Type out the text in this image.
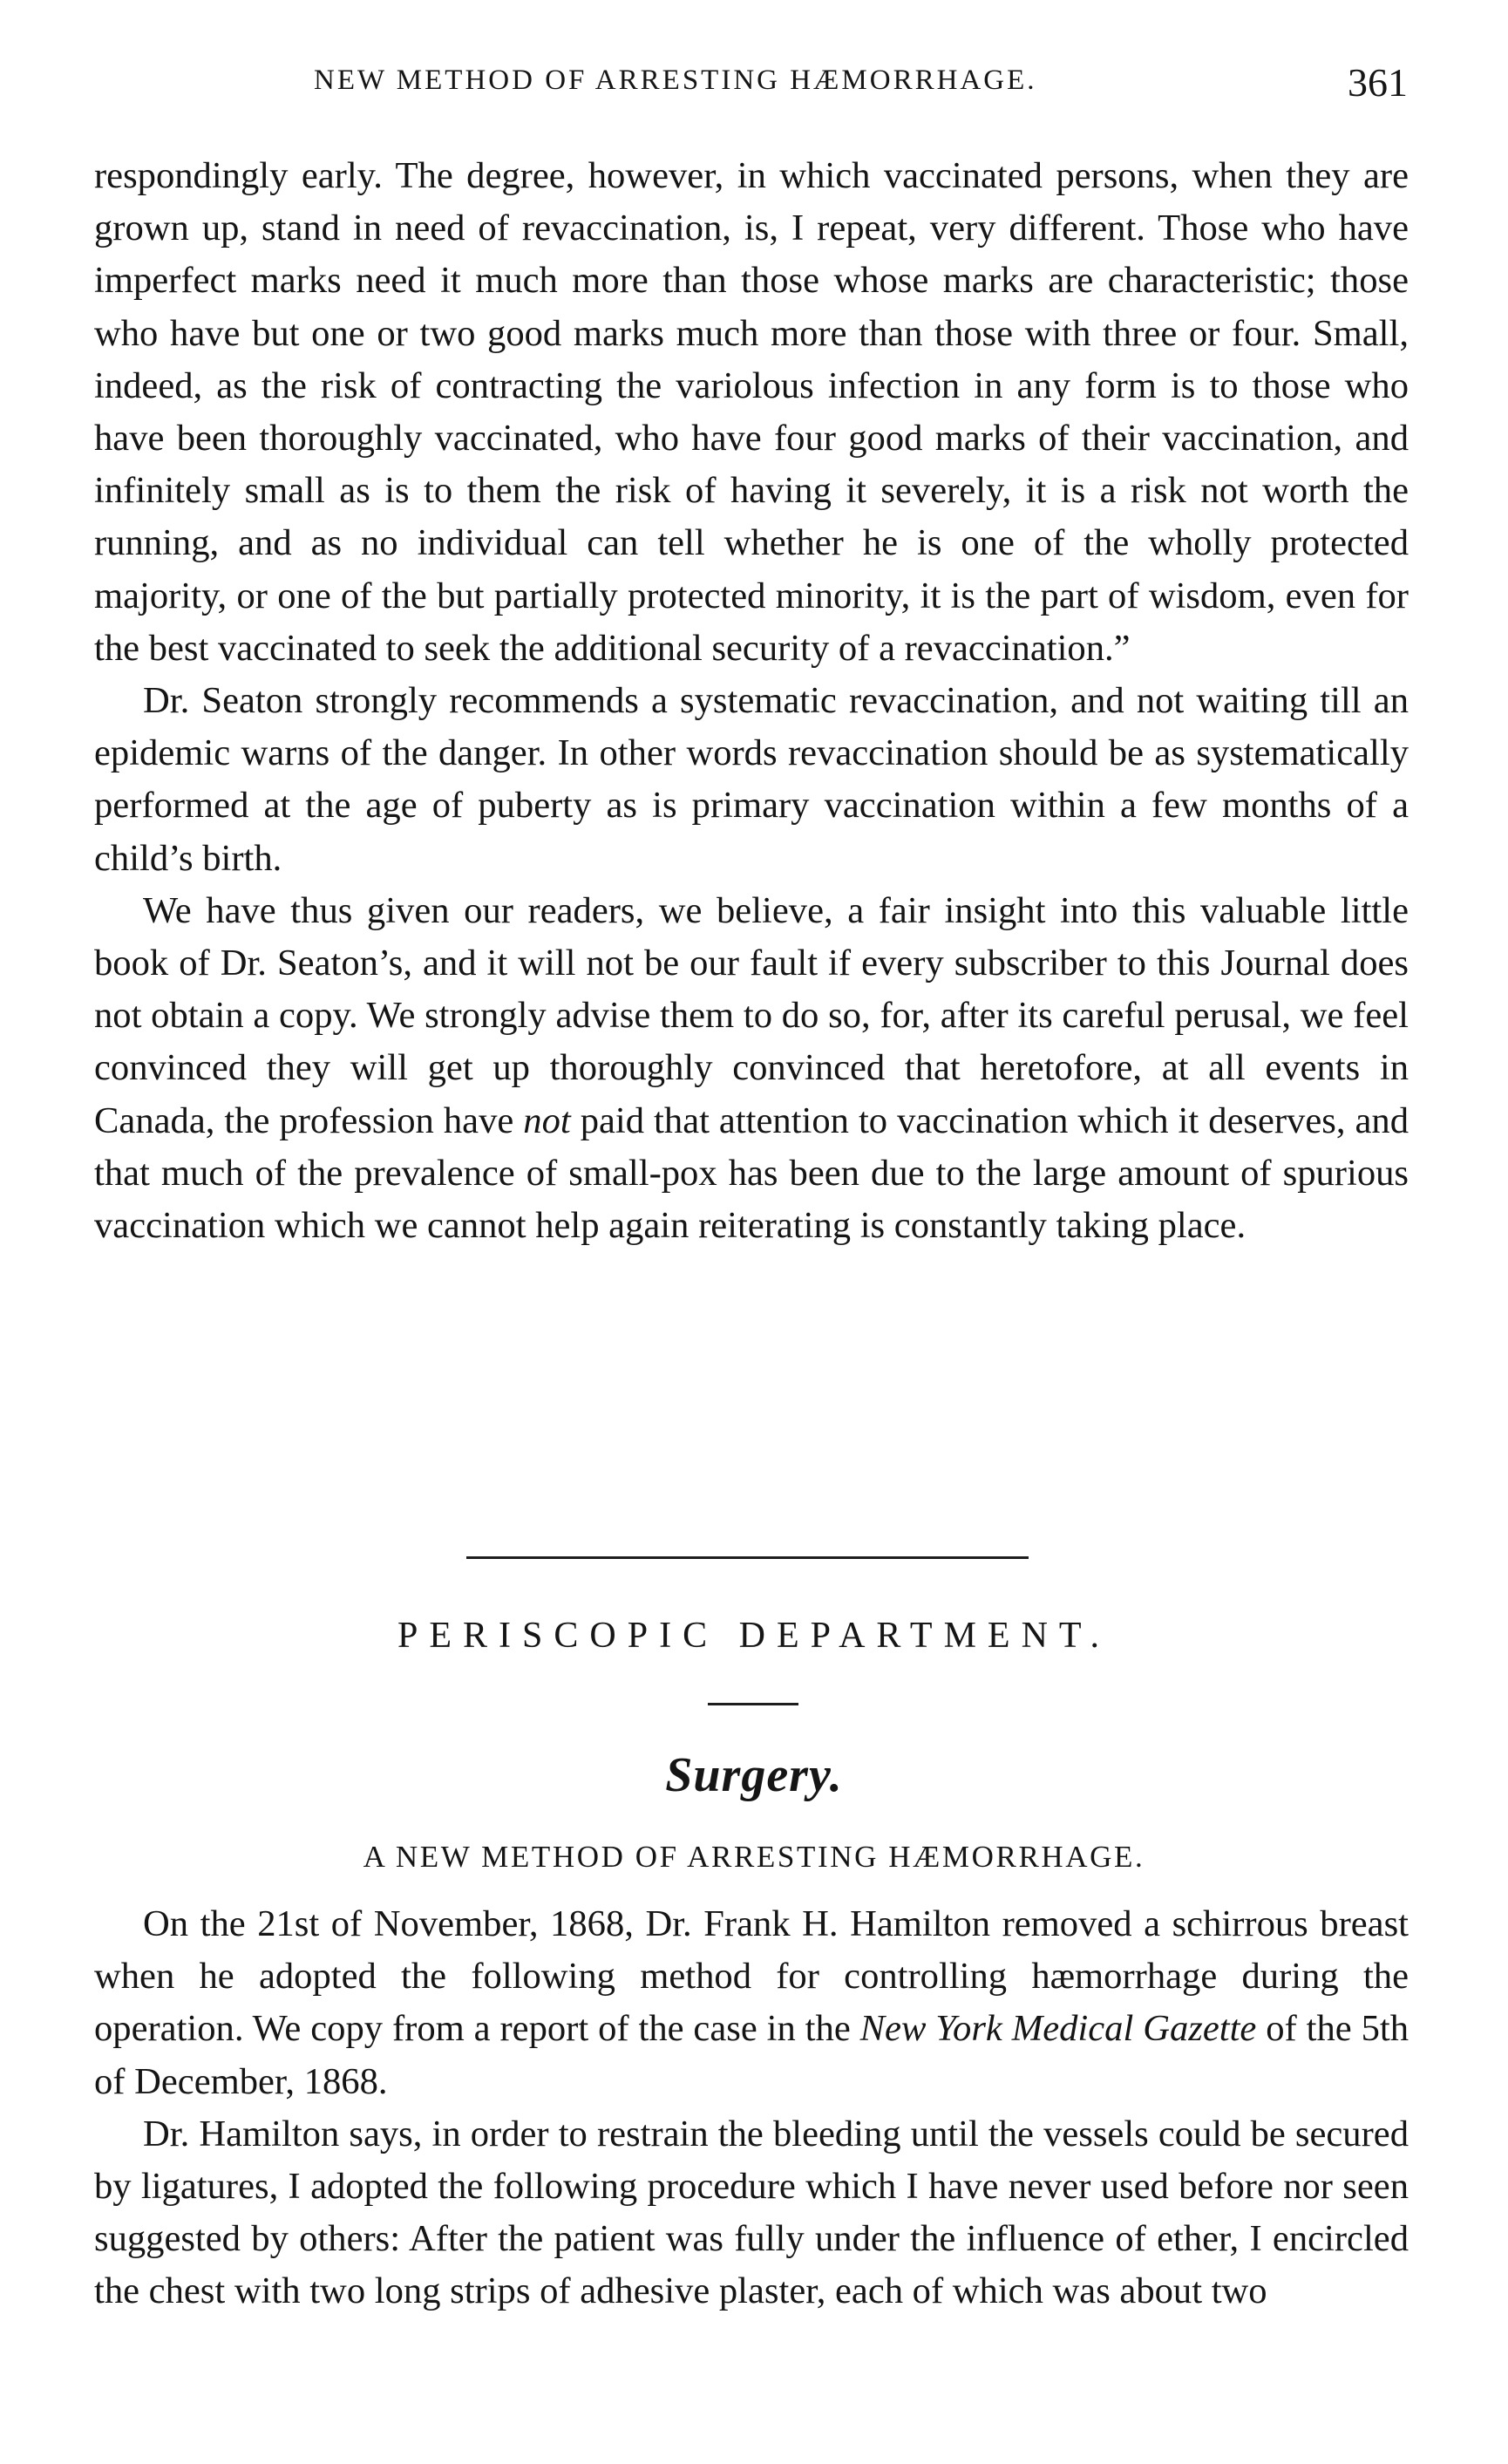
NEW METHOD OF ARRESTING HÆMORRHAGE.	361

respondingly early. The degree, however, in which vaccinated persons, when they are grown up, stand in need of revaccination, is, I repeat, very different. Those who have imperfect marks need it much more than those whose marks are characteristic; those who have but one or two good marks much more than those with three or four. Small, indeed, as the risk of contracting the variolous infection in any form is to those who have been thoroughly vaccinated, who have four good marks of their vaccination, and infinitely small as is to them the risk of having it severely, it is a risk not worth the running, and as no individual can tell whether he is one of the wholly protected majority, or one of the but partially protected minority, it is the part of wisdom, even for the best vaccinated to seek the additional security of a revaccination.”

Dr. Seaton strongly recommends a systematic revaccination, and not waiting till an epidemic warns of the danger. In other words revaccination should be as systematically performed at the age of puberty as is primary vaccination within a few months of a child’s birth.

We have thus given our readers, we believe, a fair insight into this valuable little book of Dr. Seaton’s, and it will not be our fault if every subscriber to this Journal does not obtain a copy. We strongly advise them to do so, for, after its careful perusal, we feel convinced they will get up thoroughly convinced that heretofore, at all events in Canada, the profession have not paid that attention to vaccination which it deserves, and that much of the prevalence of small-pox has been due to the large amount of spurious vaccination which we cannot help again reiterating is constantly taking place.

PERISCOPIC DEPARTMENT.
Surgery.
A NEW METHOD OF ARRESTING HÆMORRHAGE.

On the 21st of November, 1868, Dr. Frank H. Hamilton removed a schirrous breast when he adopted the following method for controlling hæmorrhage during the operation. We copy from a report of the case in the New York Medical Gazette of the 5th of December, 1868.

Dr. Hamilton says, in order to restrain the bleeding until the vessels could be secured by ligatures, I adopted the following procedure which I have never used before nor seen suggested by others: After the patient was fully under the influence of ether, I encircled the chest with two long strips of adhesive plaster, each of which was about two
